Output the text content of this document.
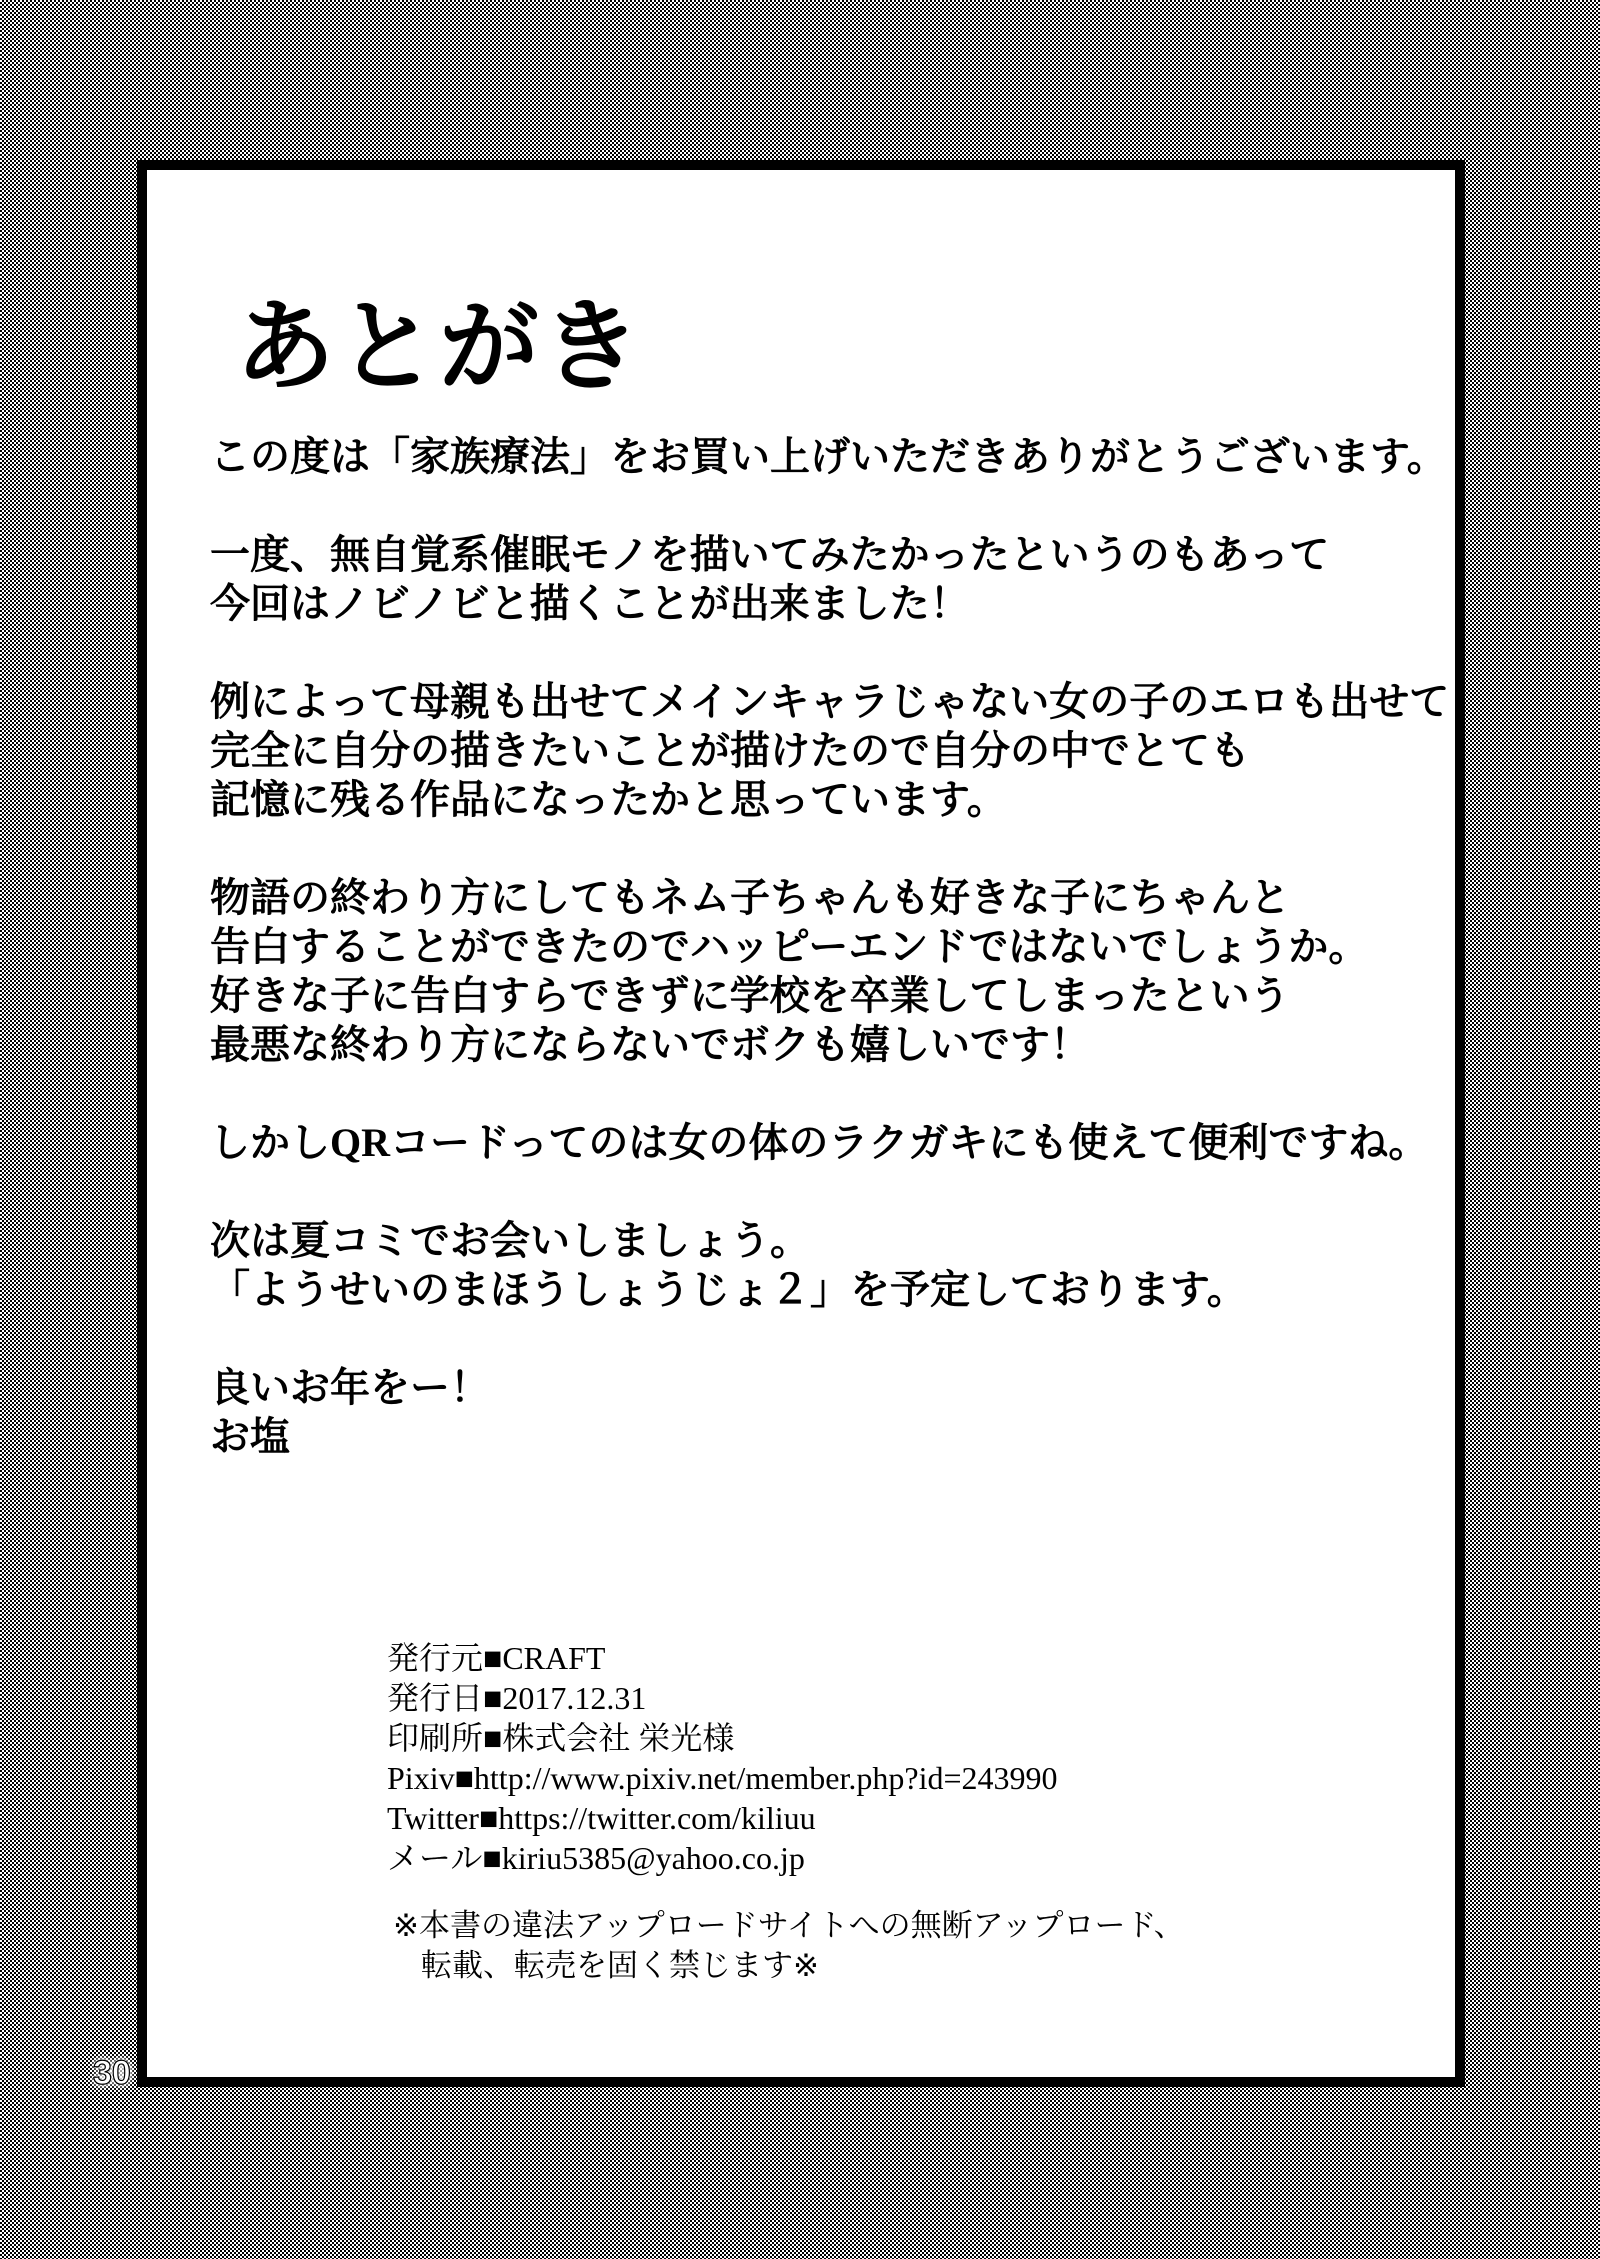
あとがき

この度は「家族療法」をお買い上げいただきありがとうございます。

一度、無自覚系催眠モノを描いてみたかったというのもあって
今回はノビノビと描くことが出来ました！

例によって母親も出せてメインキャラじゃない女の子のエロも出せて
完全に自分の描きたいことが描けたので自分の中でとても
記憶に残る作品になったかと思っています。

物語の終わり方にしてもネム子ちゃんも好きな子にちゃんと
告白することができたのでハッピーエンドではないでしょうか。
好きな子に告白すらできずに学校を卒業してしまったという
最悪な終わり方にならないでボクも嬉しいです！

しかしQRコードってのは女の体のラクガキにも使えて便利ですね。

次は夏コミでお会いしましょう。
「ようせいのまほうしょうじょ２」を予定しております。

良いお年をー！
お塩

発行元■CRAFT
発行日■2017.12.31
印刷所■株式会社 栄光様
Pixiv■http://www.pixiv.net/member.php?id=243990
Twitter■https://twitter.com/kiliuu
メール■kiriu5385@yahoo.co.jp
※本書の違法アップロードサイトへの無断アップロード、
転載、転売を固く禁じます※
30
